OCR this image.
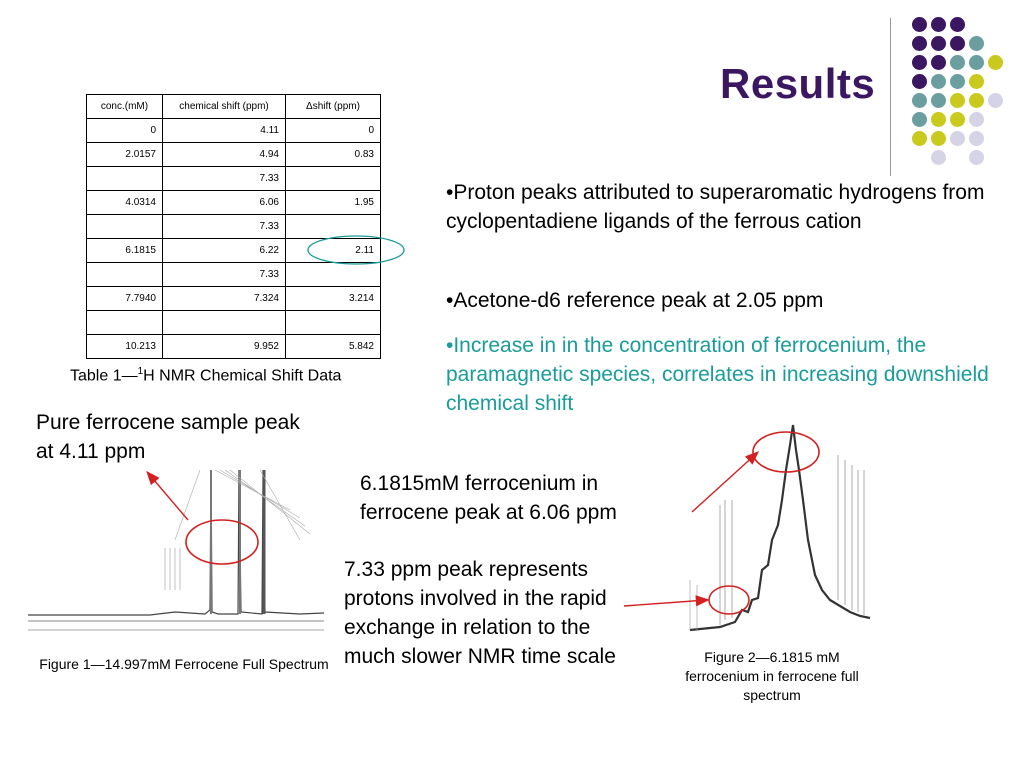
Results
conc.(mM)	chemical shift (ppm)	Δshift (ppm)
0	4.11	0
2.0157	4.94	0.83
	7.33	
4.0314	6.06	1.95
	7.33	
6.1815	6.22	2.11
	7.33	
7.7940	7.324	3.214

10.213	9.952	5.842
Table 1—$^1$H NMR Chemical Shift Data
•Proton peaks attributed to superaromatic hydrogens from cyclopentadiene ligands of the ferrous cation
•Acetone-d6 reference peak at 2.05 ppm
•Increase in in the concentration of ferrocenium, the paramagnetic species, correlates in increasing downshield chemical shift
Pure ferrocene sample peak at 4.11 ppm
6.1815mM ferrocenium in ferrocene peak at 6.06 ppm
7.33 ppm peak represents protons involved in the rapid exchange in relation to the much slower NMR time scale
Figure 1—14.997mM Ferrocene Full Spectrum	Figure 2—6.1815 mM ferrocenium in ferrocene full spectrum
